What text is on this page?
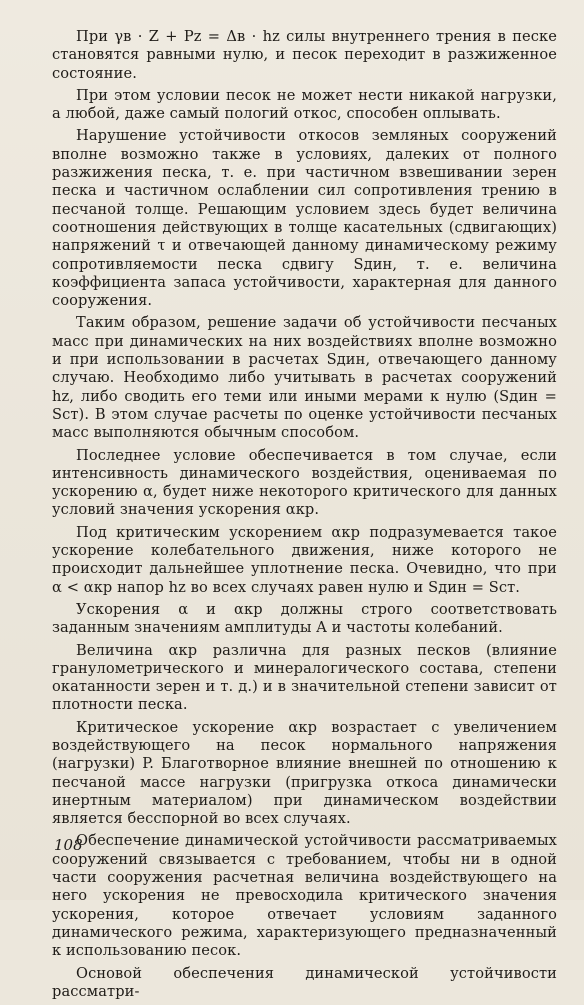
При γв · Z + Pz = Δв · hz силы внутреннего трения в песке становятся равными нулю, и песок переходит в разжиженное состояние.

При этом условии песок не может нести никакой нагрузки, а любой, даже самый пологий откос, способен оплывать.

Нарушение устойчивости откосов земляных сооружений вполне возможно также в условиях, далеких от полного разжижения песка, т. е. при частичном взвешивании зерен песка и частичном ослаблении сил сопротивления трению в песчаной толще. Решающим условием здесь будет величина соотношения действующих в толще касательных (сдвигающих) напряжений τ и отвечающей данному динамическому режиму сопротивляемости песка сдвигу Sдин, т. е. величина коэффициента запаса устойчивости, характерная для данного сооружения.

Таким образом, решение задачи об устойчивости песчаных масс при динамических на них воздействиях вполне возможно и при использовании в расчетах Sдин, отвечающего данному случаю. Необходимо либо учитывать в расчетах сооружений hz, либо сводить его теми или иными мерами к нулю (Sдин = Sст). В этом случае расчеты по оценке устойчивости песчаных масс выполняются обычным способом.

Последнее условие обеспечивается в том случае, если интенсивность динамического воздействия, оцениваемая по ускорению α, будет ниже некоторого критического для данных условий значения ускорения αкр.

Под критическим ускорением αкр подразумевается такое ускорение колебательного движения, ниже которого не происходит дальнейшее уплотнение песка. Очевидно, что при α < αкр напор hz во всех случаях равен нулю и Sдин = Sст.

Ускорения α и αкр должны строго соответствовать заданным значениям амплитуды A и частоты колебаний.

Величина αкр различна для разных песков (влияние гранулометрического и минералогического состава, степени окатанности зерен и т. д.) и в значительной степени зависит от плотности песка.

Критическое ускорение αкр возрастает с увеличением воздействующего на песок нормального напряжения (нагрузки) P. Благотворное влияние внешней по отношению к песчаной массе нагрузки (пригрузка откоса динамически инертным материалом) при динамическом воздействии является бесспорной во всех случаях.

Обеспечение динамической устойчивости рассматриваемых сооружений связывается с требованием, чтобы ни в одной части сооружения расчетная величина воздействующего на него ускорения не превосходила критического значения ускорения, которое отвечает условиям заданного динамического режима, характеризующего предназначенный к использованию песок.

Основой обеспечения динамической устойчивости рассматри-

108
